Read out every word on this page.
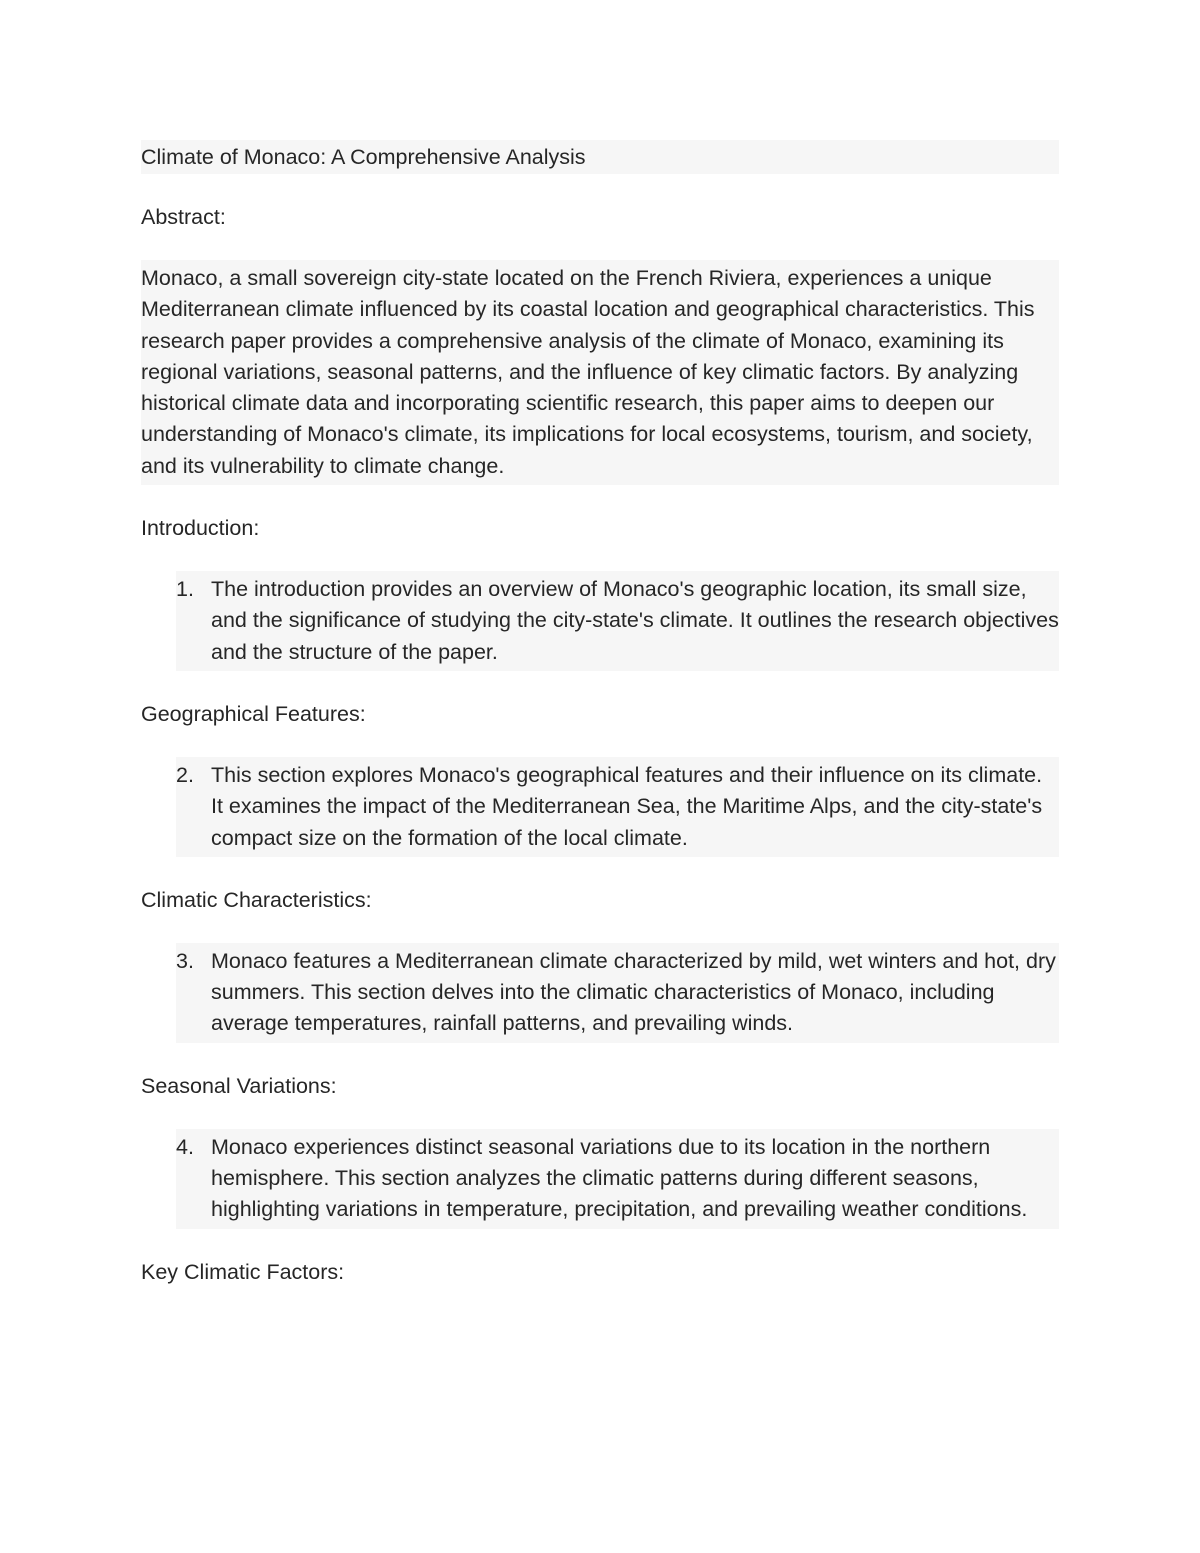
Climate of Monaco: A Comprehensive Analysis

Abstract:

Monaco, a small sovereign city-state located on the French Riviera, experiences a unique Mediterranean climate influenced by its coastal location and geographical characteristics. This research paper provides a comprehensive analysis of the climate of Monaco, examining its regional variations, seasonal patterns, and the influence of key climatic factors. By analyzing historical climate data and incorporating scientific research, this paper aims to deepen our understanding of Monaco's climate, its implications for local ecosystems, tourism, and society, and its vulnerability to climate change.

Introduction:

1. The introduction provides an overview of Monaco's geographic location, its small size, and the significance of studying the city-state's climate. It outlines the research objectives and the structure of the paper.

Geographical Features:

2. This section explores Monaco's geographical features and their influence on its climate. It examines the impact of the Mediterranean Sea, the Maritime Alps, and the city-state's compact size on the formation of the local climate.

Climatic Characteristics:

3. Monaco features a Mediterranean climate characterized by mild, wet winters and hot, dry summers. This section delves into the climatic characteristics of Monaco, including average temperatures, rainfall patterns, and prevailing winds.

Seasonal Variations:

4. Monaco experiences distinct seasonal variations due to its location in the northern hemisphere. This section analyzes the climatic patterns during different seasons, highlighting variations in temperature, precipitation, and prevailing weather conditions.

Key Climatic Factors:
